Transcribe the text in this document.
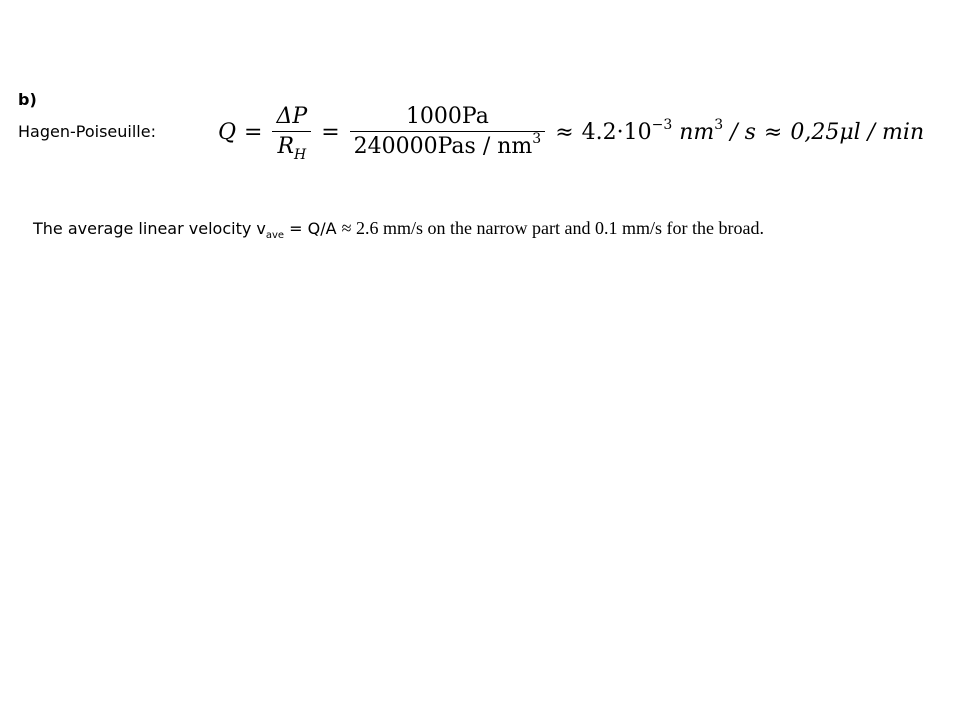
b)
Hagen-Poiseuille:	$Q = \frac{\Delta P}{R_H} = \frac{1000Pa}{240000Pas / nm^3} \approx 4.2\cdot 10^{-3}$ $nm^3 / s \approx 0,25\mu l / \min$
The average linear velocity $v_{ave} = Q/A \approx 2.6$ mm/s on the narrow part and 0.1 mm/s for the broad.
